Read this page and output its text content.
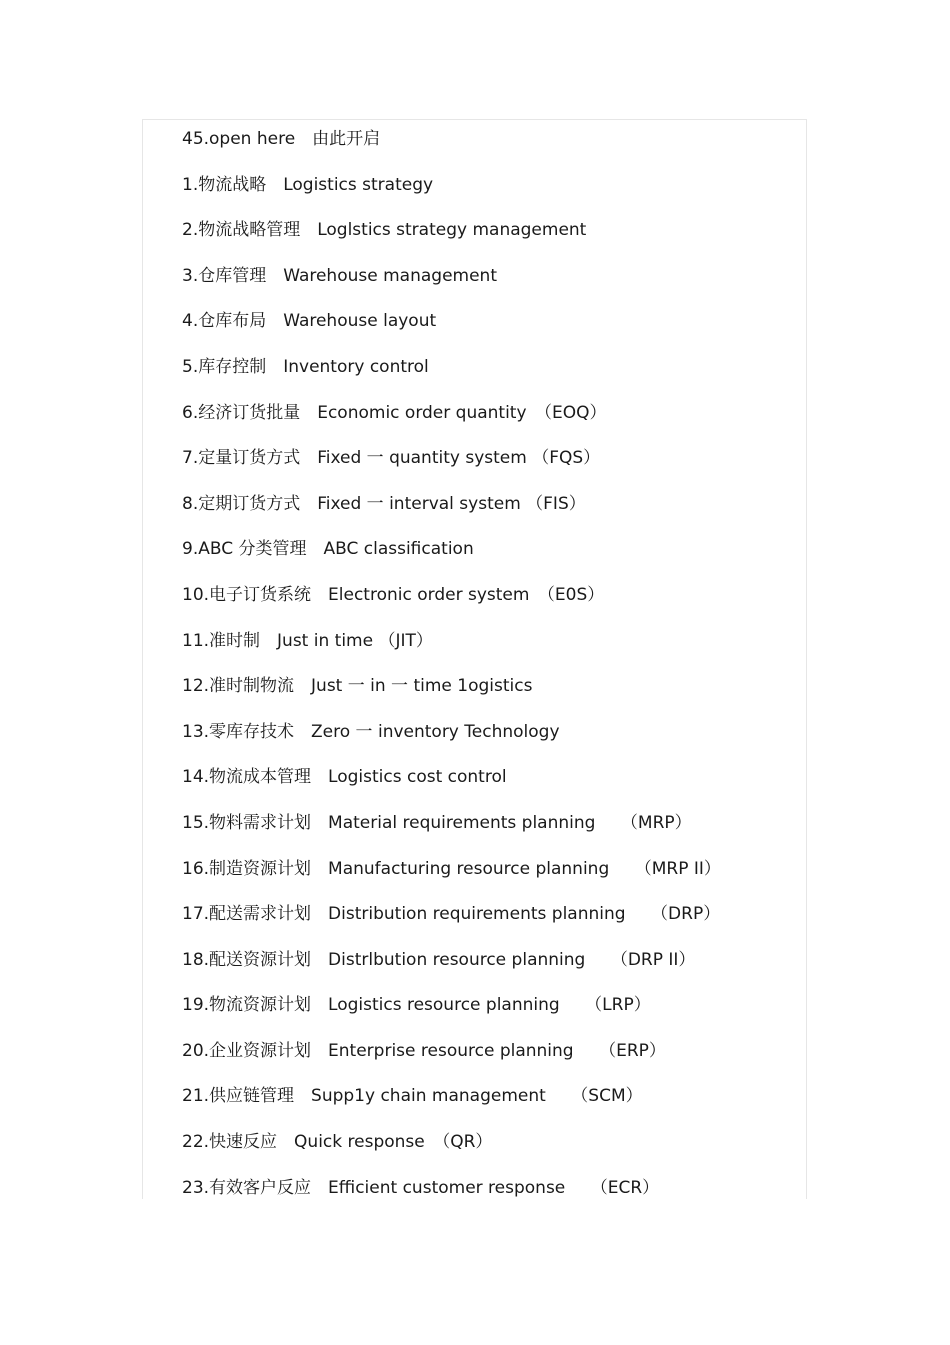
45.open here　由此开启
1.物流战略　Logistics strategy
2.物流战略管理　Loglstics strategy management
3.仓库管理　Warehouse management
4.仓库布局　Warehouse layout
5.库存控制　Inventory control
6.经济订货批量　Economic order quantity　（EOQ）
7.定量订货方式　Fixed 一 quantity system （FQS）
8.定期订货方式　Fixed 一 interval system （FIS）
9.ABC 分类管理　ABC classification
10.电子订货系统　Electronic order system　（E0S）
11.准时制　Just in time （JIT）
12.准时制物流　Just 一 in 一 time 1ogistics
13.零库存技术　Zero 一 inventory Technology
14.物流成本管理　Logistics cost control
15.物料需求计划　Material requirements planning　　（MRP）
16.制造资源计划　Manufacturing resource planning　　（MRP II）
17.配送需求计划　Distribution requirements planning　　（DRP）
18.配送资源计划　Distrlbution resource planning　　（DRP II）
19.物流资源计划　Logistics resource planning　　（LRP）
20.企业资源计划　Enterprise resource planning　　（ERP）
21.供应链管理　Supp1y chain management　　（SCM）
22.快速反应　Quick response　（QR）
23.有效客户反应　Efficient customer response　　（ECR）
